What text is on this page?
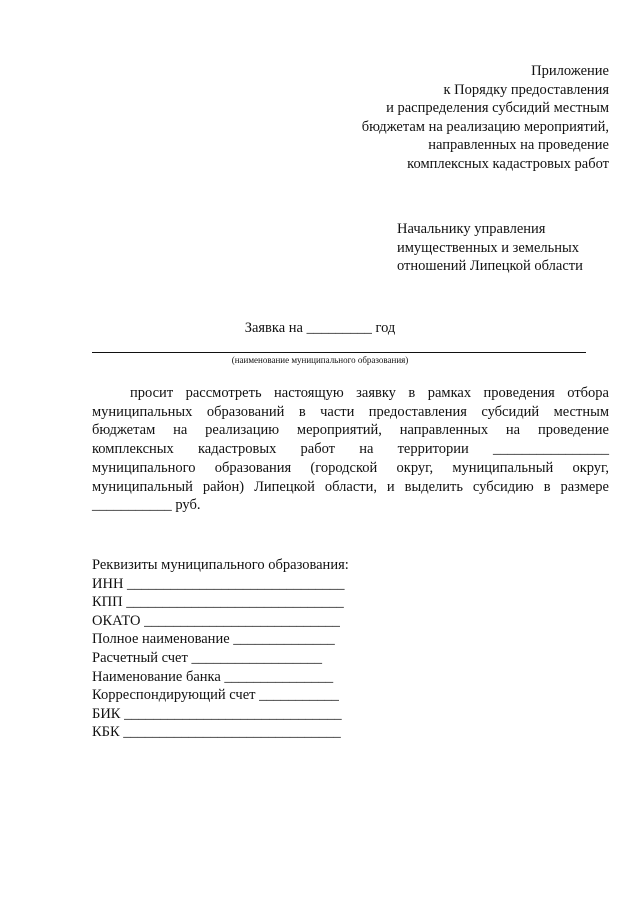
Приложение
к Порядку предоставления
и распределения субсидий местным
бюджетам на реализацию мероприятий,
направленных на проведение
комплексных кадастровых работ
Начальнику управления
имущественных и земельных
отношений Липецкой области
Заявка на _________ год
(наименование муниципального образования)

просит рассмотреть настоящую заявку в рамках проведения отбора муниципальных образований в части предоставления субсидий местным бюджетам на реализацию мероприятий, направленных на проведение комплексных кадастровых работ на территории ________________ муниципального образования (городской округ, муниципальный округ, муниципальный район) Липецкой области, и выделить субсидию в размере ___________ руб.

Реквизиты муниципального образования:
ИНН ______________________________
КПП ______________________________
ОКАТО ___________________________
Полное наименование ______________
Расчетный счет __________________
Наименование банка _______________
Корреспондирующий счет ___________
БИК ______________________________
КБК ______________________________
